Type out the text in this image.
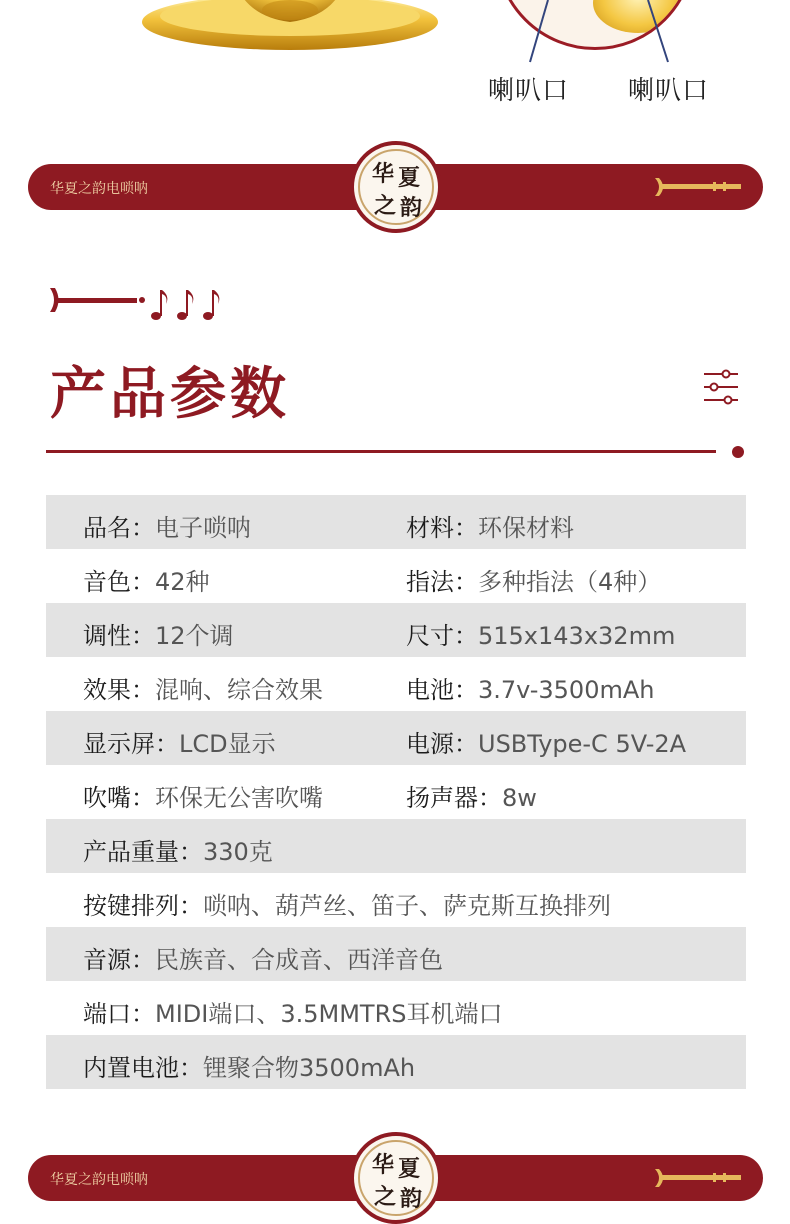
喇叭口 喇叭口
华夏之韵电唢呐
华 夏
之 韵
产品参数
品名：电子唢呐	材料：环保材料
音色：42种	指法：多种指法（4种）
调性：12个调	尺寸：515x143x32mm
效果：混响、综合效果	电池：3.7v-3500mAh
显示屏：LCD显示	电源：USBType-C 5V-2A
吹嘴：环保无公害吹嘴	扬声器：8w
产品重量：330克
按键排列：唢呐、葫芦丝、笛子、萨克斯互换排列
音源：民族音、合成音、西洋音色
端口：MIDI端口、3.5MMTRS耳机端口
内置电池：锂聚合物3500mAh
华夏之韵电唢呐
华 夏
之 韵
